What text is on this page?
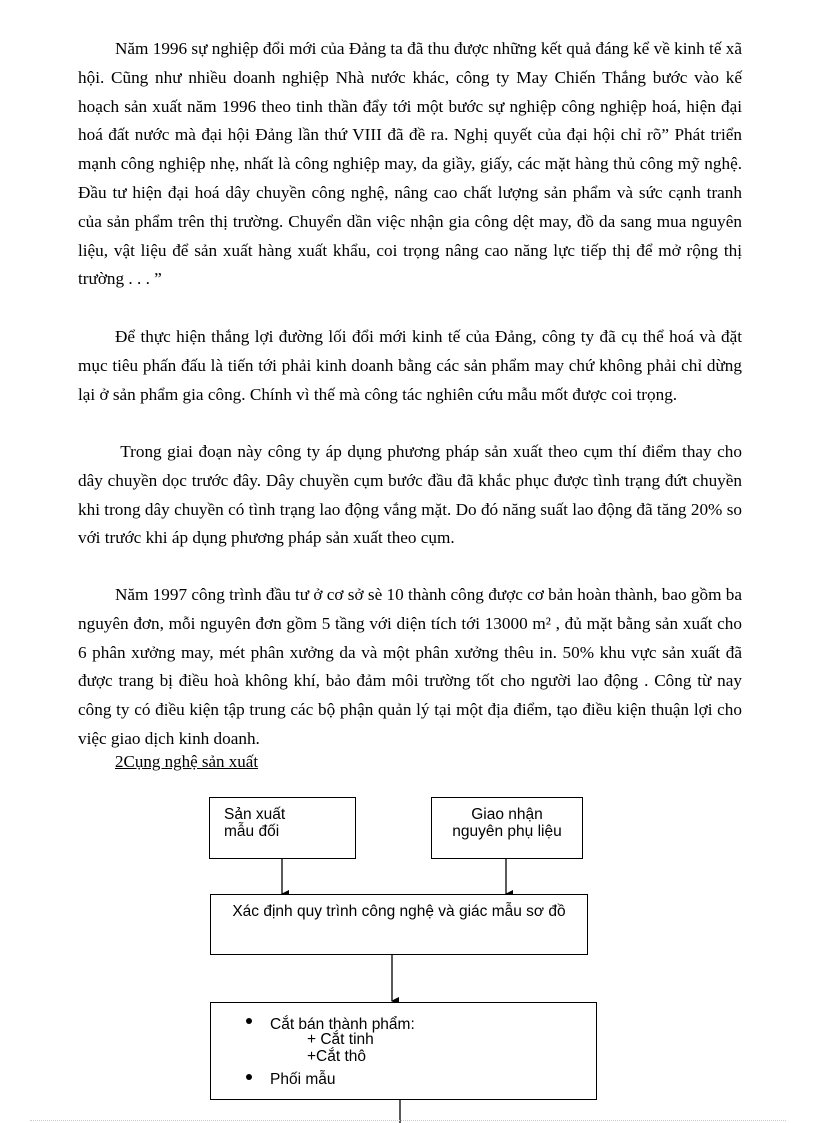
Năm 1996 sự nghiệp đổi mới của Đảng ta đã thu được những kết quả đáng kể về kinh tế xã hội. Cũng như nhiều doanh nghiệp Nhà nước khác, công ty May Chiến Thắng bước vào kế hoạch sản xuất năm 1996 theo tinh thần đẩy tới một bước sự nghiệp công nghiệp hoá, hiện đại hoá đất nước mà đại hội Đảng lần thứ VIII đã đề ra. Nghị quyết của đại hội chỉ rõ” Phát triển mạnh công nghiệp nhẹ, nhất là công nghiệp may, da giầy, giấy, các mặt hàng thủ công mỹ nghệ. Đầu tư hiện đại hoá dây chuyền công nghệ, nâng cao chất lượng sản phẩm và sức cạnh tranh của sản phẩm trên thị trường. Chuyển dần việc nhận gia công dệt may, đồ da sang mua nguyên liệu, vật liệu để sản xuất hàng xuất khẩu, coi trọng nâng cao năng lực tiếp thị để mở rộng thị trường . . . ”

Để thực hiện thắng lợi đường lối đổi mới kinh tế của Đảng, công ty đã cụ thể hoá và đặt mục tiêu phấn đấu là tiến tới phải kinh doanh bằng các sản phẩm may chứ không phải chỉ dừng lại ở sản phẩm gia công. Chính vì thế mà công tác nghiên cứu mẫu mốt được coi trọng.

Trong giai đoạn này công ty áp dụng phương pháp sản xuất theo cụm thí điểm thay cho dây chuyền dọc trước đây. Dây chuyền cụm bước đầu đã khắc phục được tình trạng đứt chuyền khi trong dây chuyền có tình trạng lao động vắng mặt. Do đó năng suất lao động đã tăng 20% so với trước khi áp dụng phương pháp sản xuất theo cụm.

Năm 1997 công trình đầu tư ở cơ sở sè 10 thành công được cơ bản hoàn thành, bao gồm ba nguyên đơn, mỗi nguyên đơn gồm 5 tầng với diện tích tới 13000 m² , đủ mặt bằng sản xuất cho 6 phân xưởng may, mét phân xưởng da và một phân xưởng thêu in. 50% khu vực sản xuất đã được trang bị điều hoà không khí, bảo đảm môi trường tốt cho người lao động . Công từ nay công ty có điều kiện tập trung các bộ phận quản lý tại một địa điểm, tạo điều kiện thuận lợi cho việc giao dịch kinh doanh.

2Cụng nghệ sản xuất

Sản xuất
mẫu đối
Giao nhận
nguyên phụ liệu
Xác định quy trình công nghệ và giác mẫu sơ đồ
Cắt bán thành phẩm:
+ Cắt tinh
+Cắt thô
Phối mẫu
